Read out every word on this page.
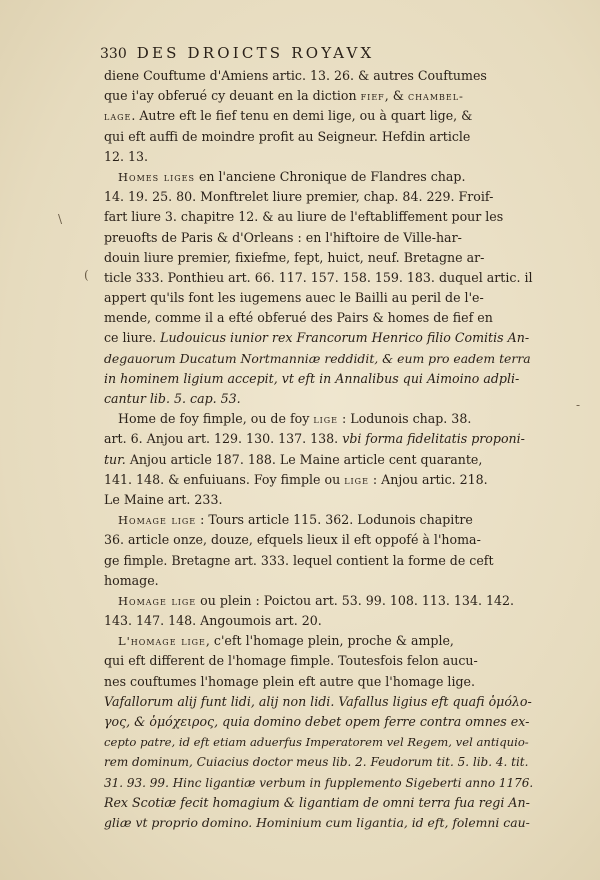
330 DES DROICTS ROYAVX
diene Couftume d'Amiens artic. 13. 26. & autres Couftumes
que i'ay obferué cy deuant en la diction fief, & chambel-
lage. Autre eft le fief tenu en demi lige, ou à quart lige, &
qui eft auffi de moindre profit au Seigneur. Hefdin article
12. 13.
Homes liges en l'anciene Chronique de Flandres chap.
14. 19. 25. 80. Monftrelet liure premier, chap. 84. 229. Froif-
fart liure 3. chapitre 12. & au liure de l'eftabliffement pour les
preuofts de Paris & d'Orleans : en l'hiftoire de Ville-har-
douin liure premier, fixiefme, fept, huict, neuf. Bretagne ar-
ticle 333. Ponthieu art. 66. 117. 157. 158. 159. 183. duquel artic. il
appert qu'ils font les iugemens auec le Bailli au peril de l'e-
mende, comme il a efté obferué des Pairs & homes de fief en
ce liure. Ludouicus iunior rex Francorum Henrico filio Comitis An-
degauorum Ducatum Nortmanniæ reddidit, & eum pro eadem terra
in hominem ligium accepit, vt eft in Annalibus qui Aimoino adpli-
cantur lib. 5. cap. 53.
Home de foy fimple, ou de foy lige : Lodunois chap. 38.
art. 6. Anjou art. 129. 130. 137. 138. vbi forma fidelitatis proponi-
tur. Anjou article 187. 188. Le Maine article cent quarante,
141. 148. & enfuiuans. Foy fimple ou lige : Anjou artic. 218.
Le Maine art. 233.
Homage lige : Tours article 115. 362. Lodunois chapitre
36. article onze, douze, efquels lieux il eft oppofé à l'homa-
ge fimple. Bretagne art. 333. lequel contient la forme de ceft
homage.
Homage lige ou plein : Poictou art. 53. 99. 108. 113. 134. 142.
143. 147. 148. Angoumois art. 20.
L'homage lige, c'eft l'homage plein, proche & ample,
qui eft different de l'homage fimple. Toutesfois felon aucu-
nes couftumes l'homage plein eft autre que l'homage lige.
Vafallorum alij funt lidi, alij non lidi. Vafallus ligius eft quafi ὁμόλο-
γος, & ὁμόχειρος, quia domino debet opem ferre contra omnes ex-
cepto patre, id eft etiam aduerfus Imperatorem vel Regem, vel antiquio-
rem dominum, Cuiacius doctor meus lib. 2. Feudorum tit. 5. lib. 4. tit.
31. 93. 99. Hinc ligantiæ verbum in fupplemento Sigeberti anno 1176.
Rex Scotiæ fecit homagium & ligantiam de omni terra fua regi An-
gliæ vt proprio domino. Hominium cum ligantia, id eft, folemni cau-
\
(
-
